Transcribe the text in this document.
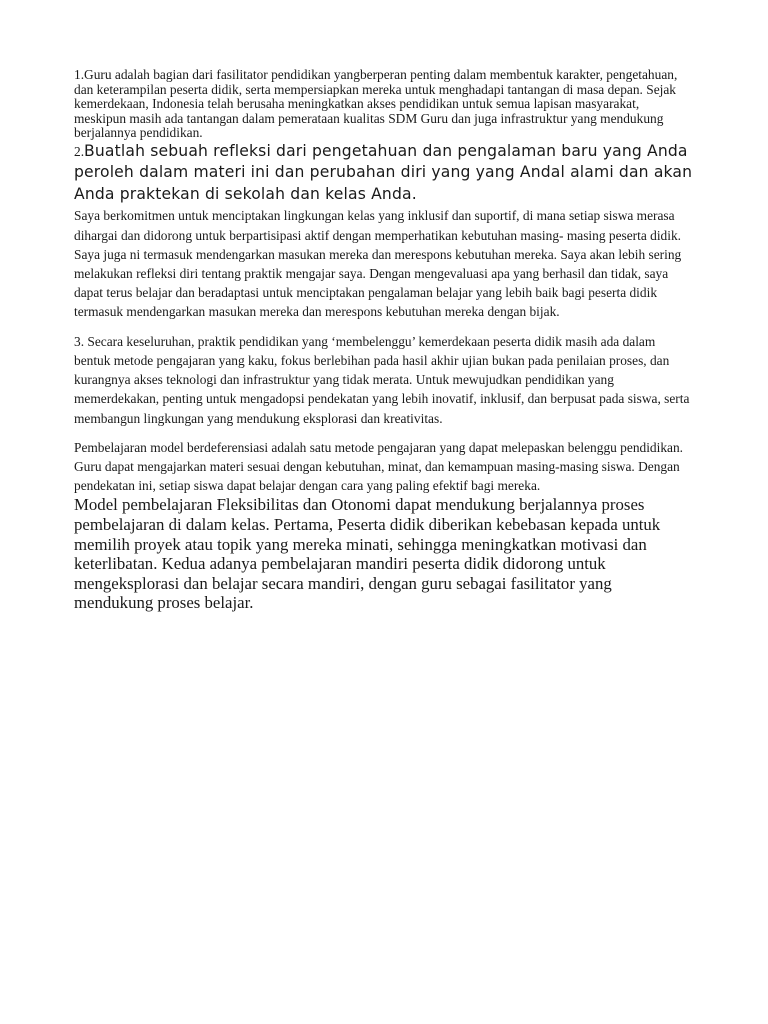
1.Guru adalah bagian dari fasilitator pendidikan yangberperan penting dalam membentuk karakter, pengetahuan, dan keterampilan peserta didik, serta mempersiapkan mereka untuk menghadapi tantangan di masa depan. Sejak kemerdekaan, Indonesia telah berusaha meningkatkan akses pendidikan untuk semua lapisan masyarakat, meskipun masih ada tantangan dalam pemerataan kualitas SDM Guru dan juga infrastruktur yang mendukung berjalannya pendidikan.

2.Buatlah sebuah refleksi dari pengetahuan dan pengalaman baru yang Anda peroleh dalam materi ini dan perubahan diri yang yang Andal alami dan akan Anda praktekan di sekolah dan kelas Anda.

Saya berkomitmen untuk menciptakan lingkungan kelas yang inklusif dan suportif, di mana setiap siswa merasa dihargai dan didorong untuk berpartisipasi aktif dengan memperhatikan kebutuhan masing- masing peserta didik. Saya juga ni termasuk mendengarkan masukan mereka dan merespons kebutuhan mereka. Saya akan lebih sering melakukan refleksi diri tentang praktik mengajar saya. Dengan mengevaluasi apa yang berhasil dan tidak, saya dapat terus belajar dan beradaptasi untuk menciptakan pengalaman belajar yang lebih baik bagi peserta didik termasuk mendengarkan masukan mereka dan merespons kebutuhan mereka dengan bijak.

3. Secara keseluruhan, praktik pendidikan yang ‘membelenggu’ kemerdekaan peserta didik masih ada dalam bentuk metode pengajaran yang kaku, fokus berlebihan pada hasil akhir ujian bukan pada penilaian proses, dan kurangnya akses teknologi dan infrastruktur yang tidak merata. Untuk mewujudkan pendidikan yang memerdekakan, penting untuk mengadopsi pendekatan yang lebih inovatif, inklusif, dan berpusat pada siswa, serta membangun lingkungan yang mendukung eksplorasi dan kreativitas.

Pembelajaran model berdeferensiasi adalah satu metode pengajaran yang dapat melepaskan belenggu pendidikan. Guru dapat mengajarkan materi sesuai dengan kebutuhan, minat, dan kemampuan masing-masing siswa. Dengan pendekatan ini, setiap siswa dapat belajar dengan cara yang paling efektif bagi mereka.

Model pembelajaran Fleksibilitas dan Otonomi dapat mendukung berjalannya proses pembelajaran di dalam kelas. Pertama, Peserta didik diberikan kebebasan kepada untuk memilih proyek atau topik yang mereka minati, sehingga meningkatkan motivasi dan keterlibatan. Kedua adanya pembelajaran mandiri peserta didik didorong untuk mengeksplorasi dan belajar secara mandiri, dengan guru sebagai fasilitator yang mendukung proses belajar.
